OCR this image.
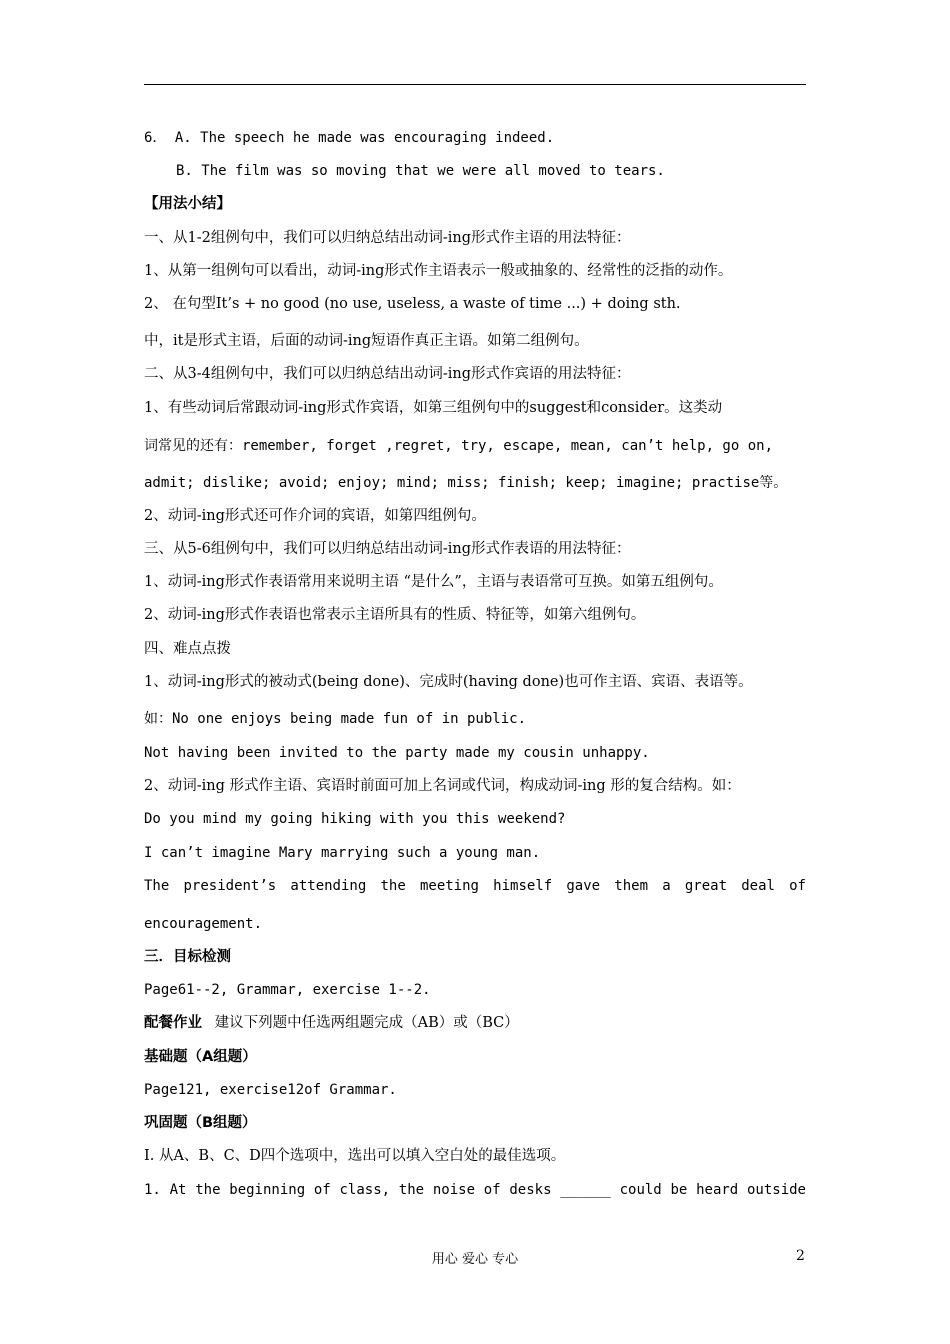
6． A. The speech he made was encouraging indeed.
B. The film was so moving that we were all moved to tears.
【用法小结】
一、从1-2组例句中，我们可以归纳总结出动词-ing形式作主语的用法特征：
1、从第一组例句可以看出，动词-ing形式作主语表示一般或抽象的、经常性的泛指的动作。
2、 在句型It’s + no good (no use, useless, a waste of time ...) + doing sth.
中，it是形式主语，后面的动词-ing短语作真正主语。如第二组例句。
二、从3-4组例句中，我们可以归纳总结出动词-ing形式作宾语的用法特征：
1、有些动词后常跟动词-ing形式作宾语，如第三组例句中的suggest和consider。这类动
词常见的还有：remember, forget ,regret, try, escape, mean, can’t help, go on,
admit; dislike; avoid; enjoy; mind; miss; finish; keep; imagine; practise等。
2、动词-ing形式还可作介词的宾语，如第四组例句。
三、从5-6组例句中，我们可以归纳总结出动词-ing形式作表语的用法特征：
1、动词-ing形式作表语常用来说明主语 “是什么”，主语与表语常可互换。如第五组例句。
2、动词-ing形式作表语也常表示主语所具有的性质、特征等，如第六组例句。
四、难点点拨
1、动词-ing形式的被动式(being done)、完成时(having done)也可作主语、宾语、表语等。
如：No one enjoys being made fun of in public.
Not having been invited to the party made my cousin unhappy.
2、动词-ing 形式作主语、宾语时前面可加上名词或代词，构成动词-ing 形的复合结构。如：
Do you mind my going hiking with you this weekend?
I can’t imagine Mary marrying such a young man.
The president’s attending the meeting himself gave them a great deal of
encouragement.
三．目标检测
Page61--2, Grammar, exercise 1--2.
配餐作业 建议下列题中任选两组题完成（AB）或（BC）
基础题（A组题）
Page121, exercise12of Grammar.
巩固题（B组题）
I. 从A、B、C、D四个选项中，选出可以填入空白处的最佳选项。
1. At the beginning of class, the noise of desks ______ could be heard outside
用心 爱心 专心	2
